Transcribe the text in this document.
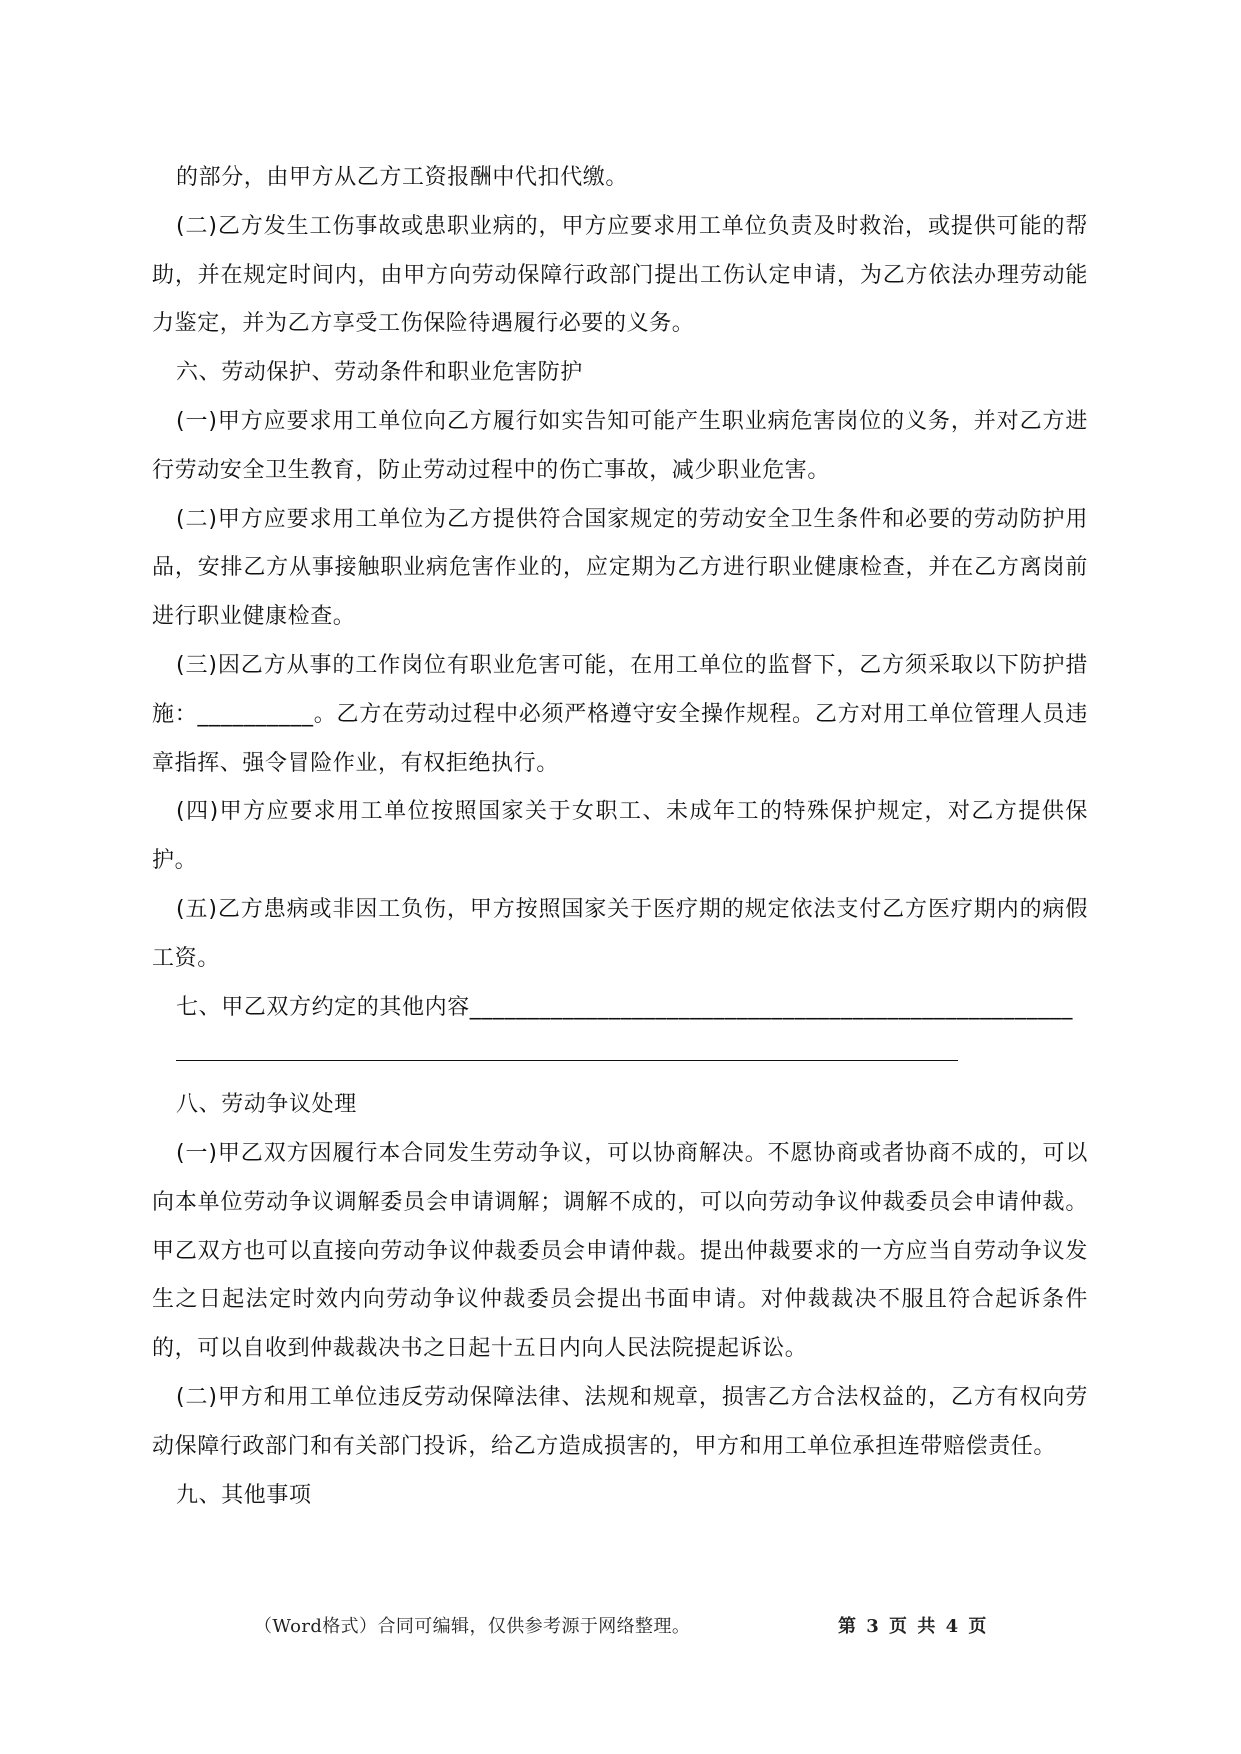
的部分，由甲方从乙方工资报酬中代扣代缴。

(二)乙方发生工伤事故或患职业病的，甲方应要求用工单位负责及时救治，或提供可能的帮助，并在规定时间内，由甲方向劳动保障行政部门提出工伤认定申请，为乙方依法办理劳动能力鉴定，并为乙方享受工伤保险待遇履行必要的义务。

六、劳动保护、劳动条件和职业危害防护

(一)甲方应要求用工单位向乙方履行如实告知可能产生职业病危害岗位的义务，并对乙方进行劳动安全卫生教育，防止劳动过程中的伤亡事故，减少职业危害。

(二)甲方应要求用工单位为乙方提供符合国家规定的劳动安全卫生条件和必要的劳动防护用品，安排乙方从事接触职业病危害作业的，应定期为乙方进行职业健康检查，并在乙方离岗前进行职业健康检查。

(三)因乙方从事的工作岗位有职业危害可能，在用工单位的监督下，乙方须采取以下防护措施：__________。乙方在劳动过程中必须严格遵守安全操作规程。乙方对用工单位管理人员违章指挥、强令冒险作业，有权拒绝执行。

(四)甲方应要求用工单位按照国家关于女职工、未成年工的特殊保护规定，对乙方提供保护。

(五)乙方患病或非因工负伤，甲方按照国家关于医疗期的规定依法支付乙方医疗期内的病假工资。

七、甲乙双方约定的其他内容____________________________________________________

八、劳动争议处理

(一)甲乙双方因履行本合同发生劳动争议，可以协商解决。不愿协商或者协商不成的，可以向本单位劳动争议调解委员会申请调解；调解不成的，可以向劳动争议仲裁委员会申请仲裁。甲乙双方也可以直接向劳动争议仲裁委员会申请仲裁。提出仲裁要求的一方应当自劳动争议发生之日起法定时效内向劳动争议仲裁委员会提出书面申请。对仲裁裁决不服且符合起诉条件的，可以自收到仲裁裁决书之日起十五日内向人民法院提起诉讼。

(二)甲方和用工单位违反劳动保障法律、法规和规章，损害乙方合法权益的，乙方有权向劳动保障行政部门和有关部门投诉，给乙方造成损害的，甲方和用工单位承担连带赔偿责任。

九、其他事项

（Word格式）合同可编辑，仅供参考源于网络整理。	第 3 页 共 4 页
